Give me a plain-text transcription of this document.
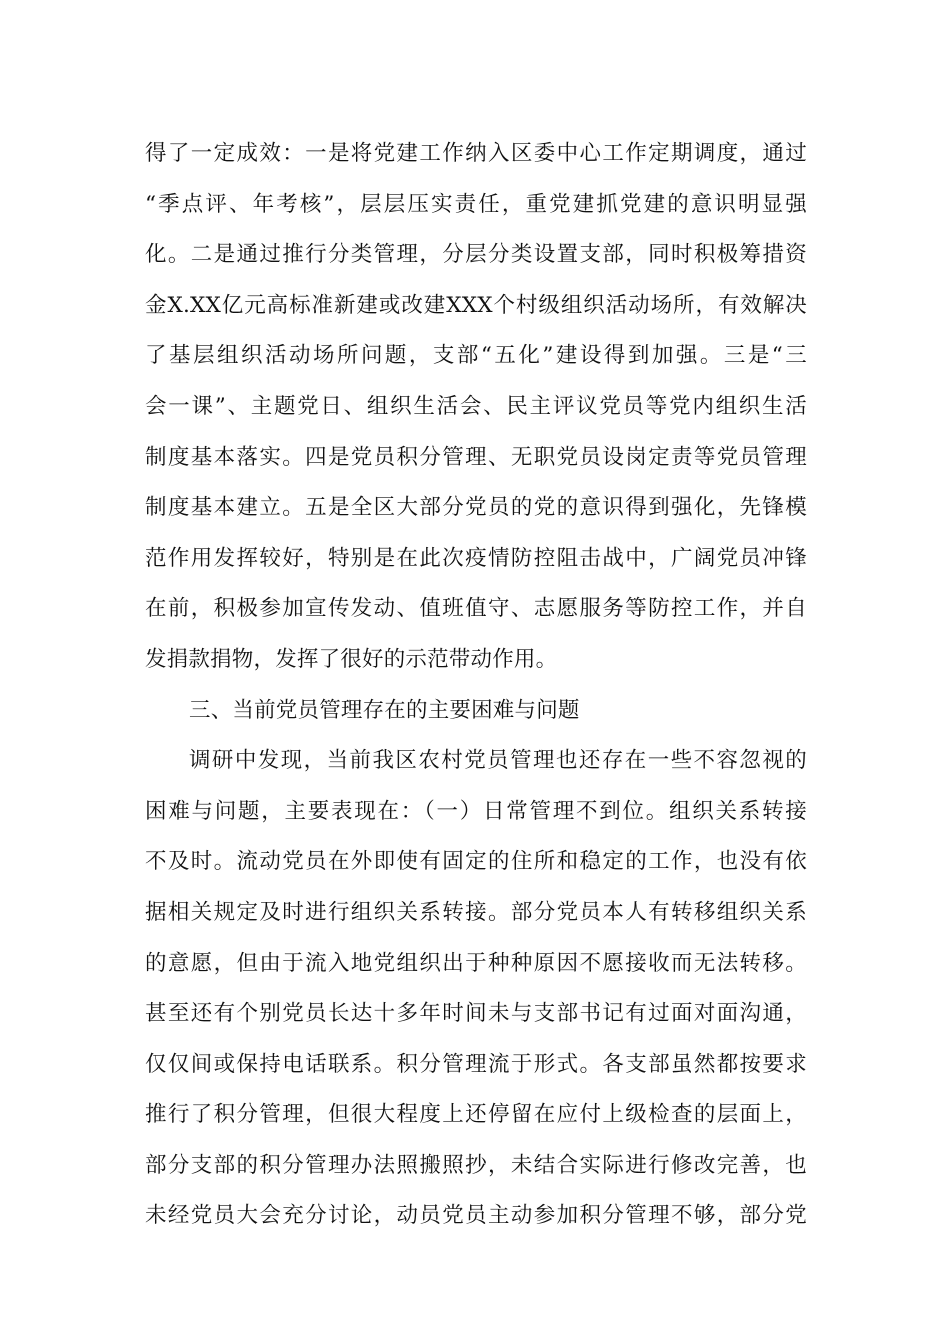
得了一定成效：一是将党建工作纳入区委中心工作定期调度，通过
“季点评、年考核”，层层压实责任，重党建抓党建的意识明显强
化。二是通过推行分类管理，分层分类设置支部，同时积极筹措资
金X.XX亿元高标准新建或改建XXX个村级组织活动场所，有效解决
了基层组织活动场所问题，支部“五化”建设得到加强。三是“三
会一课”、主题党日、组织生活会、民主评议党员等党内组织生活
制度基本落实。四是党员积分管理、无职党员设岗定责等党员管理
制度基本建立。五是全区大部分党员的党的意识得到强化，先锋模
范作用发挥较好，特别是在此次疫情防控阻击战中，广阔党员冲锋
在前，积极参加宣传发动、值班值守、志愿服务等防控工作，并自
发捐款捐物，发挥了很好的示范带动作用。
三、当前党员管理存在的主要困难与问题
调研中发现，当前我区农村党员管理也还存在一些不容忽视的
困难与问题，主要表现在：（一）日常管理不到位。组织关系转接
不及时。流动党员在外即使有固定的住所和稳定的工作，也没有依
据相关规定及时进行组织关系转接。部分党员本人有转移组织关系
的意愿，但由于流入地党组织出于种种原因不愿接收而无法转移。
甚至还有个别党员长达十多年时间未与支部书记有过面对面沟通，
仅仅间或保持电话联系。积分管理流于形式。各支部虽然都按要求
推行了积分管理，但很大程度上还停留在应付上级检查的层面上，
部分支部的积分管理办法照搬照抄，未结合实际进行修改完善，也
未经党员大会充分讨论，动员党员主动参加积分管理不够，部分党
